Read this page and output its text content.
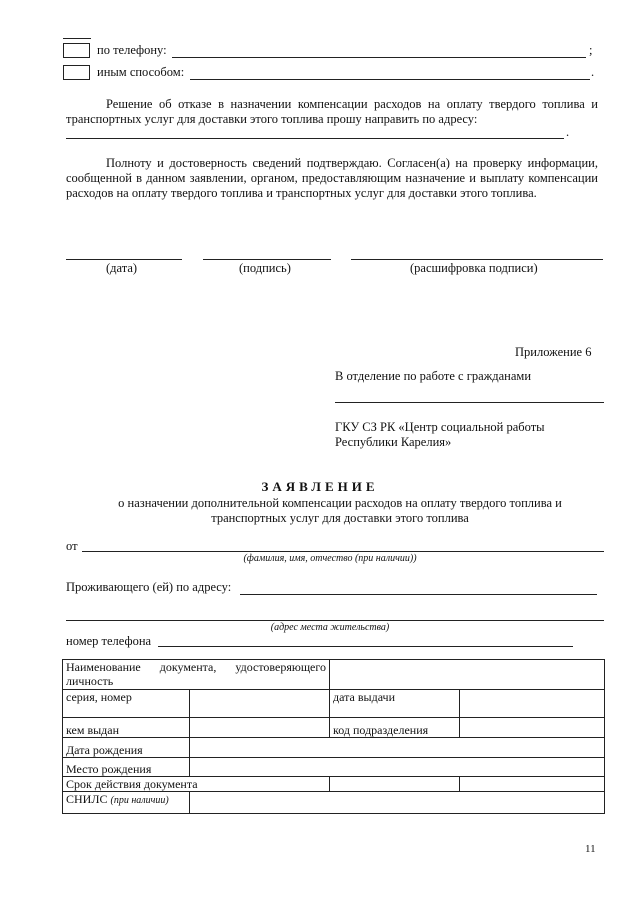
по телефону:	;
иным способом:	.
Решение об отказе в назначении компенсации расходов на оплату твердого топлива и транспортных услуг для доставки этого топлива прошу направить по адресу:
.
Полноту и достоверность сведений подтверждаю. Согласен(а) на проверку информации, сообщенной в данном заявлении, органом, предоставляющим назначение и выплату компенсации расходов на оплату твердого топлива и транспортных услуг для доставки этого топлива.
(дата)	(подпись)	(расшифровка подписи)
Приложение 6
В отделение по работе с гражданами
ГКУ СЗ РК «Центр социальной работы
Республики Карелия»
ЗАЯВЛЕНИЕ
о назначении дополнительной компенсации расходов на оплату твердого топлива и
транспортных услуг для доставки этого топлива
от
(фамилия, имя, отчество (при наличии))
Проживающего (ей) по адресу:
(адрес места жительства)
номер телефона
Наименование документа, удостоверяющего личность			
серия, номер		дата выдачи	
кем выдан		код подразделения	
Дата рождения			
Место рождения			
Срок действия документа			
СНИЛС (при наличии)			
11
